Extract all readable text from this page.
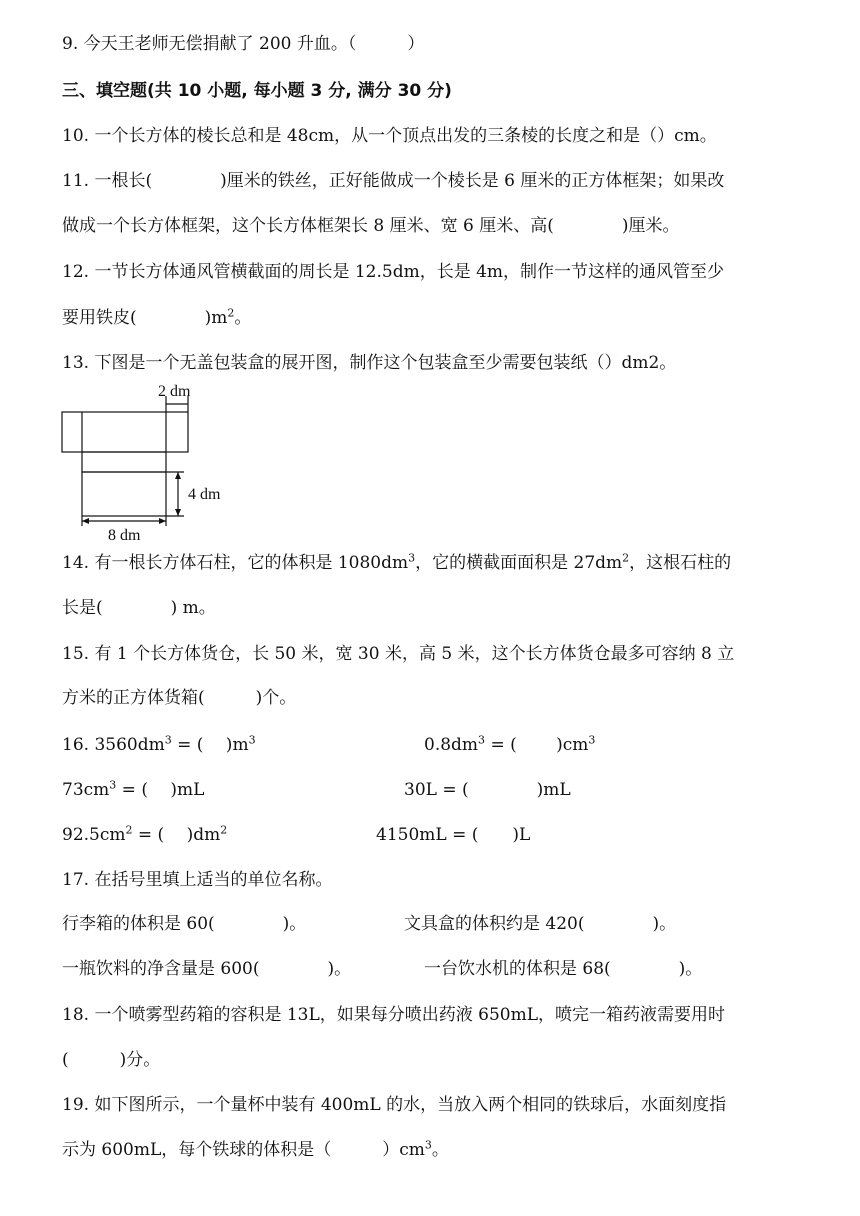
9. 今天王老师无偿捐献了 200 升血。（　　　）
三、填空题(共 10 小题, 每小题 3 分, 满分 30 分)
10. 一个长方体的棱长总和是 48cm，从一个顶点出发的三条棱的长度之和是（）cm。
11. 一根长(　　　　)厘米的铁丝，正好能做成一个棱长是 6 厘米的正方体框架；如果改
做成一个长方体框架，这个长方体框架长 8 厘米、宽 6 厘米、高(　　　　)厘米。
12. 一节长方体通风管横截面的周长是 12.5dm，长是 4m，制作一节这样的通风管至少
要用铁皮(　　　　)$m^2$。
13. 下图是一个无盖包装盒的展开图，制作这个包装盒至少需要包装纸（）dm2。
2 dm
4 dm
8 dm
14. 有一根长方体石柱，它的体积是 $1080dm^3$，它的横截面面积是 $27dm^2$，这根石柱的
长是(　　　　) m。
15. 有 1 个长方体货仓，长 50 米，宽 30 米，高 5 米，这个长方体货仓最多可容纳 8 立
方米的正方体货箱(　　　)个。
16. $3560dm^3$ = (　 )$m^3$	$0.8dm^3$ = (　　 )$cm^3$
$73cm^3$ = ( 　)mL	30L = (　　　　)mL
$92.5cm^2$ = (　 )$dm^2$	4150mL = (　　)L
17. 在括号里填上适当的单位名称。
行李箱的体积是 60(　　　　)。	文具盒的体积约是 420(　　　　)。
一瓶饮料的净含量是 600(　　　　)。	一台饮水机的体积是 68(　　　　)。
18. 一个喷雾型药箱的容积是 13L，如果每分喷出药液 650mL，喷完一箱药液需要用时
(　　　)分。
19. 如下图所示，一个量杯中装有 400mL 的水，当放入两个相同的铁球后，水面刻度指
示为 600mL，每个铁球的体积是（　　　）$cm^3$。
